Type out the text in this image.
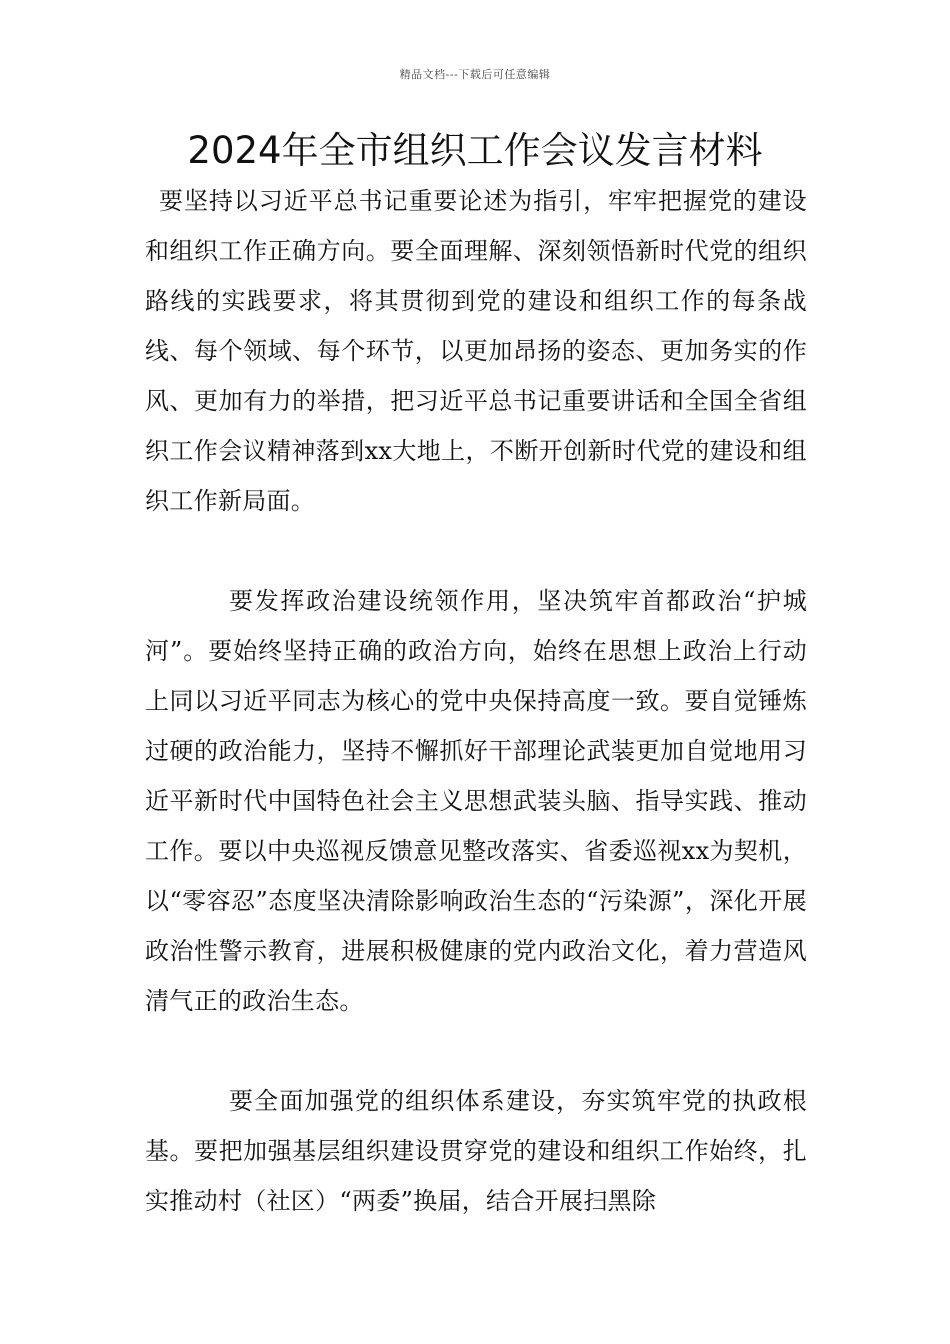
精品文档---下载后可任意编辑
2024年全市组织工作会议发言材料

要坚持以习近平总书记重要论述为指引，牢牢把握党的建设和组织工作正确方向。要全面理解、深刻领悟新时代党的组织路线的实践要求，将其贯彻到党的建设和组织工作的每条战线、每个领域、每个环节，以更加昂扬的姿态、更加务实的作风、更加有力的举措，把习近平总书记重要讲话和全国全省组织工作会议精神落到xx大地上，不断开创新时代党的建设和组织工作新局面。

要发挥政治建设统领作用，坚决筑牢首都政治“护城河”。要始终坚持正确的政治方向，始终在思想上政治上行动上同以习近平同志为核心的党中央保持高度一致。要自觉锤炼过硬的政治能力，坚持不懈抓好干部理论武装更加自觉地用习近平新时代中国特色社会主义思想武装头脑、指导实践、推动工作。要以中央巡视反馈意见整改落实、省委巡视xx为契机，以“零容忍”态度坚决清除影响政治生态的“污染源”，深化开展政治性警示教育，进展积极健康的党内政治文化，着力营造风清气正的政治生态。

要全面加强党的组织体系建设，夯实筑牢党的执政根基。要把加强基层组织建设贯穿党的建设和组织工作始终，扎实推动村（社区）“两委”换届，结合开展扫黑除
